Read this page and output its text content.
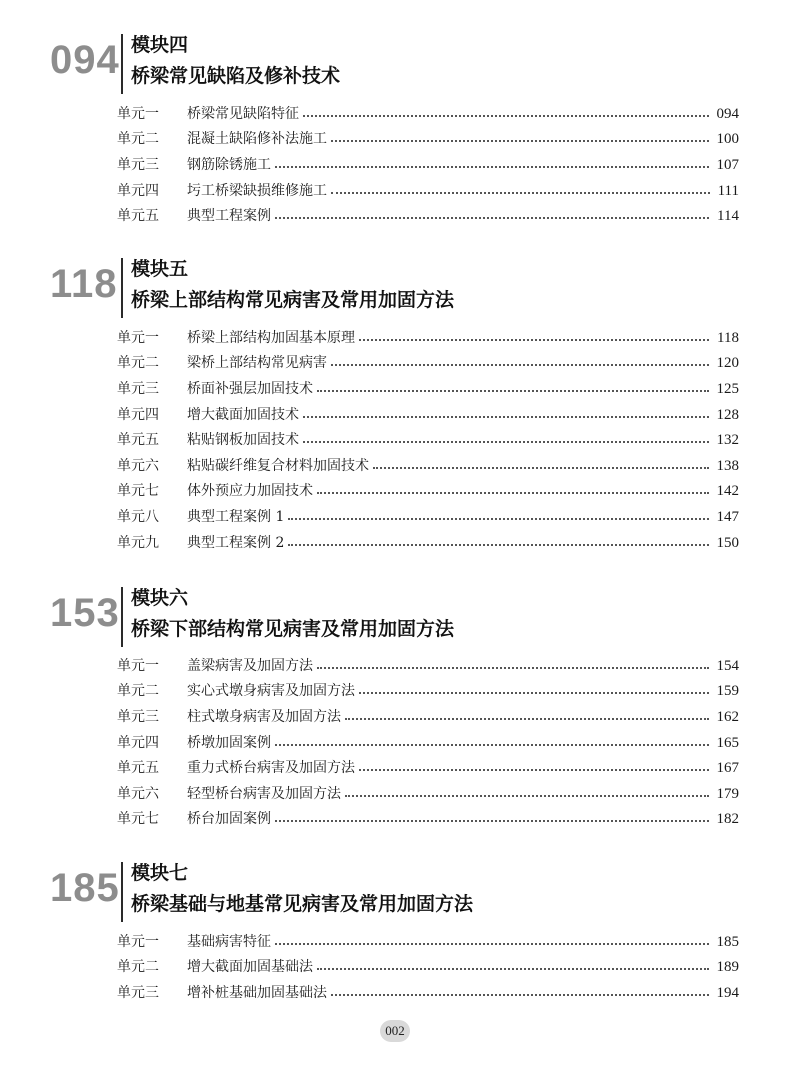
094 模块四
桥梁常见缺陷及修补技术
单元一	桥梁常见缺陷特征	094
单元二	混凝土缺陷修补法施工	100
单元三	钢筋除锈施工	107
单元四	圬工桥梁缺损维修施工	111
单元五	典型工程案例	114
118 模块五
桥梁上部结构常见病害及常用加固方法
单元一	桥梁上部结构加固基本原理	118
单元二	梁桥上部结构常见病害	120
单元三	桥面补强层加固技术	125
单元四	增大截面加固技术	128
单元五	粘贴钢板加固技术	132
单元六	粘贴碳纤维复合材料加固技术	138
单元七	体外预应力加固技术	142
单元八	典型工程案例 1	147
单元九	典型工程案例 2	150
153 模块六
桥梁下部结构常见病害及常用加固方法
单元一	盖梁病害及加固方法	154
单元二	实心式墩身病害及加固方法	159
单元三	柱式墩身病害及加固方法	162
单元四	桥墩加固案例	165
单元五	重力式桥台病害及加固方法	167
单元六	轻型桥台病害及加固方法	179
单元七	桥台加固案例	182
185 模块七
桥梁基础与地基常见病害及常用加固方法
单元一	基础病害特征	185
单元二	增大截面加固基础法	189
单元三	增补桩基础加固基础法	194
002
